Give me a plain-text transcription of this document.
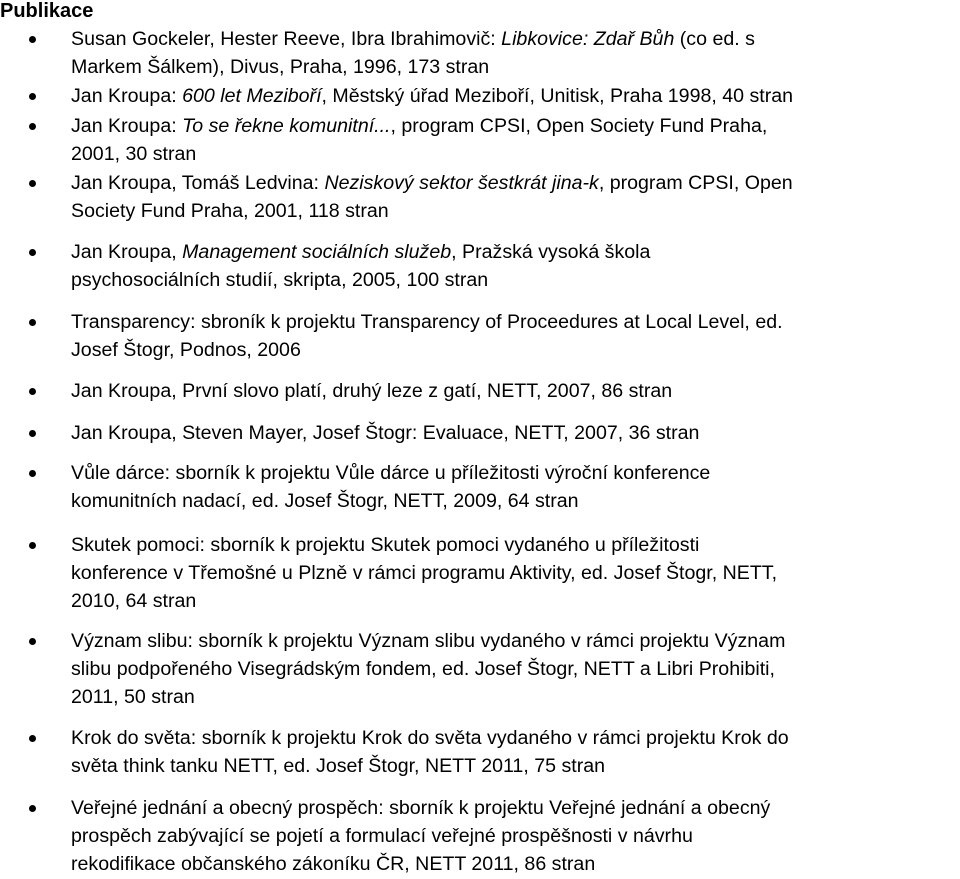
Publikace
Susan Gockeler, Hester Reeve, Ibra Ibrahimovič: Libkovice: Zdař Bůh (co ed. s
Markem Šálkem), Divus, Praha, 1996, 173 stran
Jan Kroupa: 600 let Meziboří, Městský úřad Meziboří, Unitisk, Praha 1998, 40 stran
Jan Kroupa: To se řekne komunitní..., program CPSI, Open Society Fund Praha,
2001, 30 stran
Jan Kroupa, Tomáš Ledvina: Neziskový sektor šestkrát jina-k, program CPSI, Open
Society Fund Praha, 2001, 118 stran
Jan Kroupa, Management sociálních služeb, Pražská vysoká škola
psychosociálních studií, skripta, 2005, 100 stran
Transparency: sbroník k projektu Transparency of Proceedures at Local Level, ed.
Josef Štogr, Podnos, 2006
Jan Kroupa, První slovo platí, druhý leze z gatí, NETT, 2007, 86 stran
Jan Kroupa, Steven Mayer, Josef Štogr: Evaluace, NETT, 2007, 36 stran
Vůle dárce: sborník k projektu Vůle dárce u příležitosti výroční konference
komunitních nadací, ed. Josef Štogr, NETT, 2009, 64 stran
Skutek pomoci: sborník k projektu Skutek pomoci vydaného u příležitosti
konference v Třemošné u Plzně v rámci programu Aktivity, ed. Josef Štogr, NETT,
2010, 64 stran
Význam slibu: sborník k projektu Význam slibu vydaného v rámci projektu Význam
slibu podpořeného Visegrádským fondem, ed. Josef Štogr, NETT a Libri Prohibiti,
2011, 50 stran
Krok do světa: sborník k projektu Krok do světa vydaného v rámci projektu Krok do
světa think tanku NETT, ed. Josef Štogr, NETT 2011, 75 stran
Veřejné jednání a obecný prospěch: sborník k projektu Veřejné jednání a obecný
prospěch zabývající se pojetí a formulací veřejné prospěšnosti v návrhu
rekodifikace občanského zákoníku ČR, NETT 2011, 86 stran
